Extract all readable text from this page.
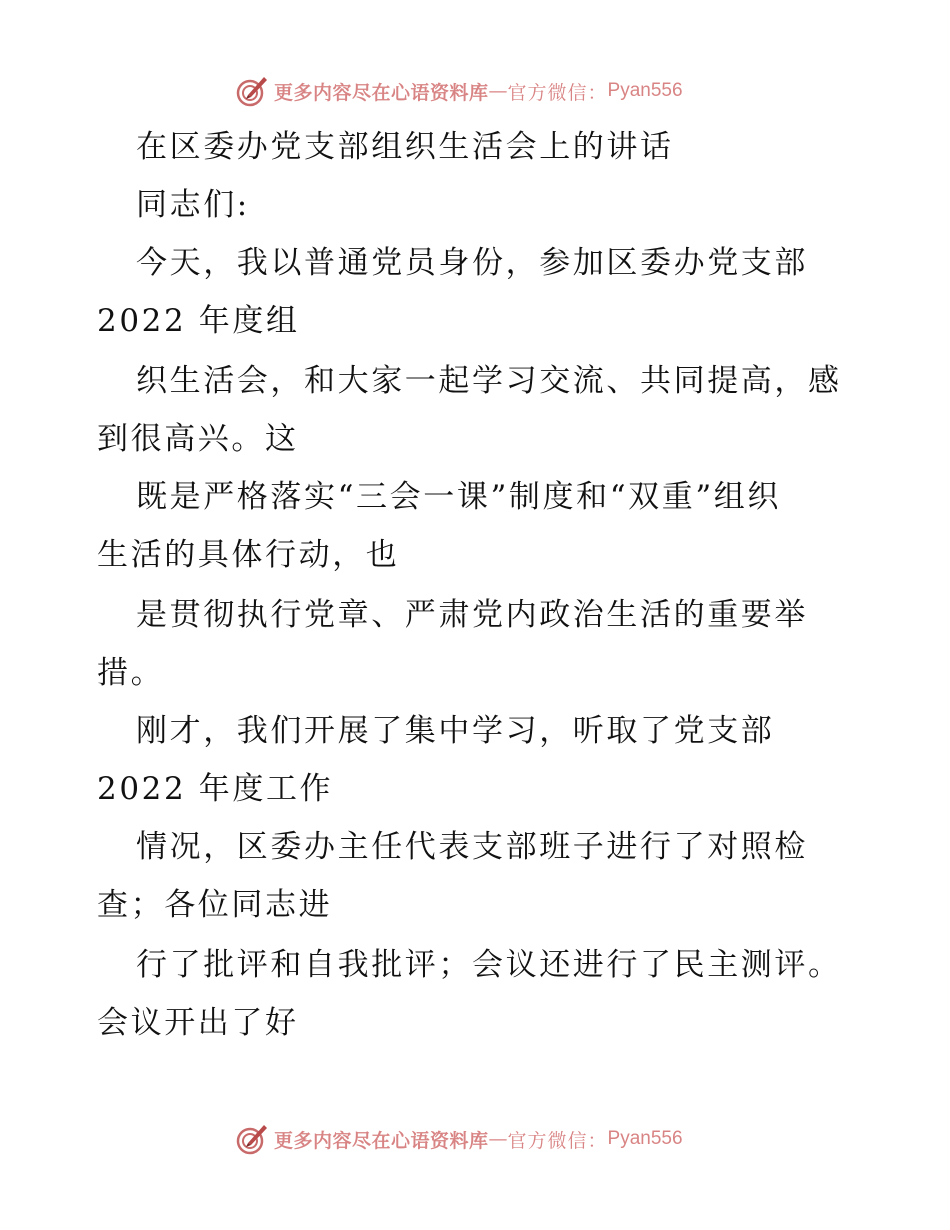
更多内容尽在心语资料库 — 官方微信： Pyan556
在区委办党支部组织生活会上的讲话
同志们:
今天，我以普通党员身份，参加区委办党支部
2022 年度组
织生活会，和大家一起学习交流、共同提高，感
到很高兴。这
既是严格落实“三会一课”制度和“双重”组织
生活的具体行动，也
是贯彻执行党章、严肃党内政治生活的重要举
措。
刚才，我们开展了集中学习，听取了党支部
2022 年度工作
情况，区委办主任代表支部班子进行了对照检
查；各位同志进
行了批评和自我批评；会议还进行了民主测评。
会议开出了好
更多内容尽在心语资料库 — 官方微信： Pyan556
